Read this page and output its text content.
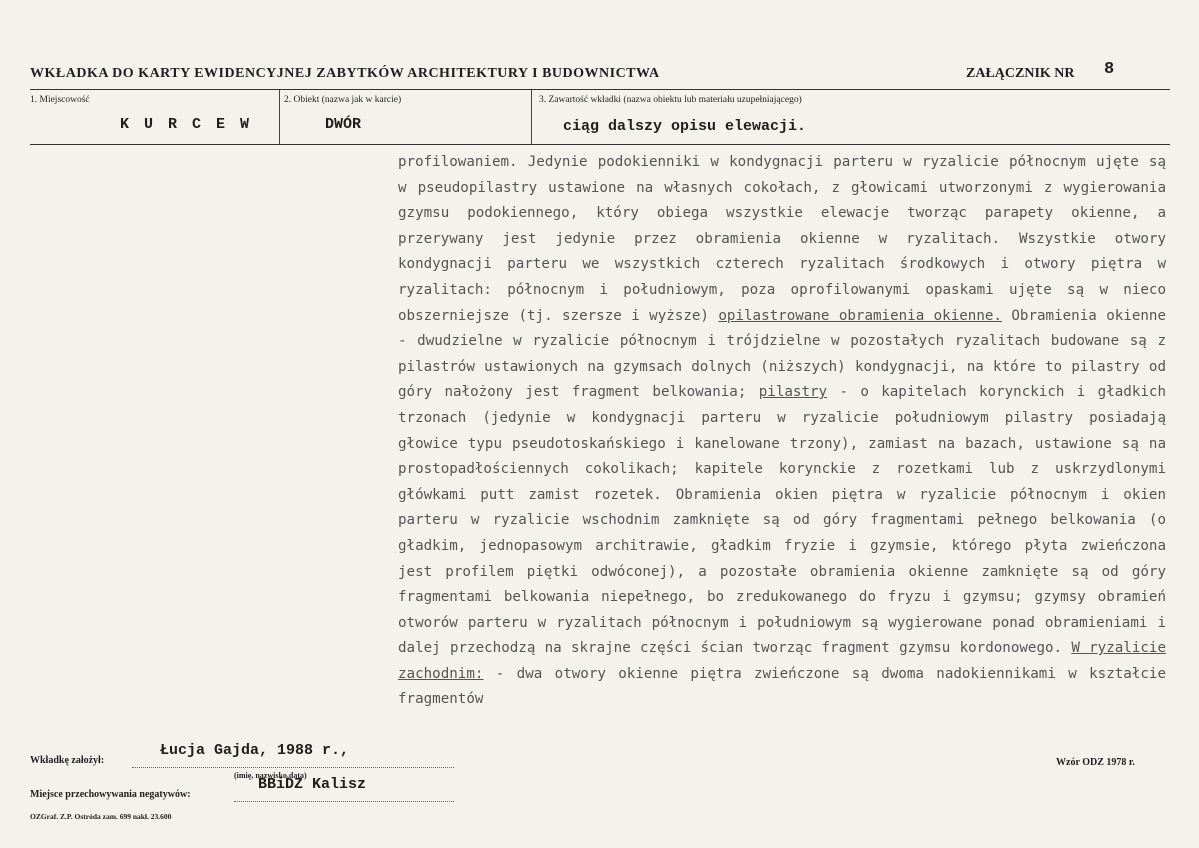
WKŁADKA DO KARTY EWIDENCYJNEJ ZABYTKÓW ARCHITEKTURY I BUDOWNICTWA	ZAŁĄCZNIK NR 8
1. Miejscowość
K U R C E W
2. Obiekt (nazwa jak w karcie)
DWÓR
3. Zawartość wkładki (nazwa obiektu lub materiału uzupełniającego)
ciąg dalszy opisu elewacji.

profilowaniem. Jedynie podokienniki w kondygnacji parteru w ryzalicie północnym ujęte są w pseudopilastry ustawione na własnych cokołach, z głowicami utworzonymi z wygierowania gzymsu podokiennego, który obiega wszystkie elewacje tworząc parapety okienne, a przerywany jest jedynie przez obramienia okienne w ryzalitach. Wszystkie otwory kondygnacji parteru we wszystkich czterech ryzalitach środkowych i otwory piętra w ryzalitach: północnym i południowym, poza oprofilowanymi opaskami ujęte są w nieco obszerniejsze (tj. szersze i wyższe) opilastrowane obramienia okienne. Obramienia okienne - dwudzielne w ryzalicie północnym i trójdzielne w pozostałych ryzalitach budowane są z pilastrów ustawionych na gzymsach dolnych (niższych) kondygnacji, na które to pilastry od góry nałożony jest fragment belkowania; pilastry - o kapitelach korynckich i gładkich trzonach (jedynie w kondygnacji parteru w ryzalicie południowym pilastry posiadają głowice typu pseudotoskańskiego i kanelowane trzony), zamiast na bazach, ustawione są na prostopadłościennych cokolikach; kapitele korynckie z rozetkami lub z uskrzydlonymi główkami putt zamist rozetek. Obramienia okien piętra w ryzalicie północnym i okien parteru w ryzalicie wschodnim zamknięte są od góry fragmentami pełnego belkowania (o gładkim, jednopasowym architrawie, gładkim fryzie i gzymsie, którego płyta zwieńczona jest profilem piętki odwóconej), a pozostałe obramienia okienne zamknięte są od góry fragmentami belkowania niepełnego, bo zredukowanego do fryzu i gzymsu; gzymsy obramień otworów parteru w ryzalitach północnym i południowym są wygierowane ponad obramieniami i dalej przechodzą na skrajne części ścian tworząc fragment gzymsu kordonowego. W ryzalicie zachodnim: - dwa otwory okienne piętra zwieńczone są dwoma nadokiennikami w kształcie fragmentów

Wkładkę założył:
Łucja Gajda, 1988 r.,
(imię, nazwisko,data)
Miejsce przechowywania negatywów:
BBiDZ Kalisz
Wzór ODZ 1978 r.
OZGraf. Z.P. Ostróda zam. 699 nakł. 23.600
